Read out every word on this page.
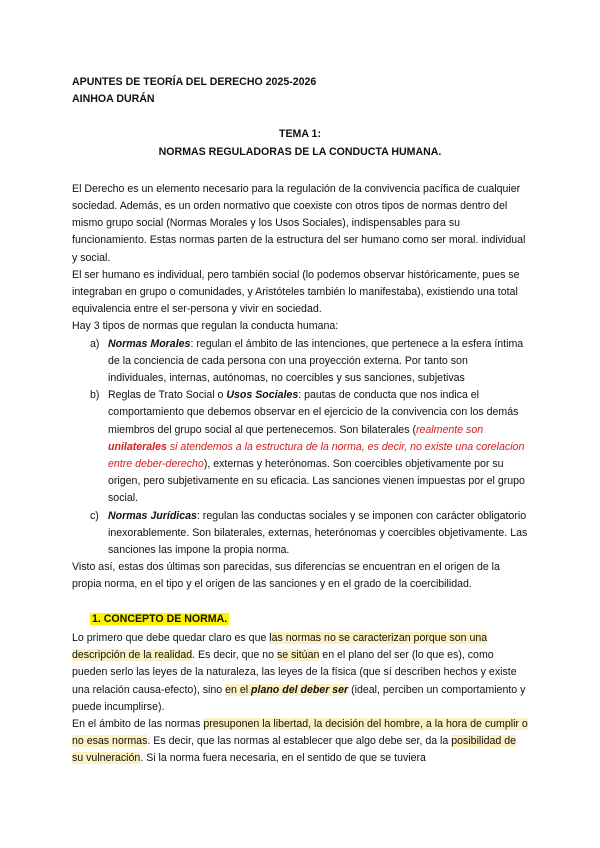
APUNTES DE TEORÍA DEL DERECHO 2025-2026

AINHOA DURÁN

TEMA 1:

NORMAS REGULADORAS DE LA CONDUCTA HUMANA.

El Derecho es un elemento necesario para la regulación de la convivencia pacífica de cualquier sociedad. Además, es un orden normativo que coexiste con otros tipos de normas dentro del mismo grupo social (Normas Morales y los Usos Sociales), indispensables para su funcionamiento. Estas normas parten de la estructura del ser humano como ser moral. individual y social.

El ser humano es individual, pero también social (lo podemos observar históricamente, pues se integraban en grupo o comunidades, y Aristóteles también lo manifestaba), existiendo una total equivalencia entre el ser-persona y vivir en sociedad.

Hay 3 tipos de normas que regulan la conducta humana:

a) Normas Morales: regulan el ámbito de las intenciones, que pertenece a la esfera íntima de la conciencia de cada persona con una proyección externa. Por tanto son individuales, internas, autónomas, no coercibles y sus sanciones, subjetivas
b) Reglas de Trato Social o Usos Sociales: pautas de conducta que nos indica el comportamiento que debemos observar en el ejercicio de la convivencia con los demás miembros del grupo social al que pertenecemos. Son bilaterales (realmente son unilaterales si atendemos a la estructura de la norma, es decir, no existe una corelacion entre deber-derecho), externas y heterónomas. Son coercibles objetivamente por su origen, pero subjetivamente en su eficacia. Las sanciones vienen impuestas por el grupo social.
c) Normas Jurídicas: regulan las conductas sociales y se imponen con carácter obligatorio inexorablemente. Son bilaterales, externas, heterónomas y coercibles objetivamente. Las sanciones las impone la propia norma.

Visto así, estas dos últimas son parecidas, sus diferencias se encuentran en el origen de la propia norma, en el tipo y el origen de las sanciones y en el grado de la coercibilidad.

1. CONCEPTO DE NORMA.

Lo primero que debe quedar claro es que las normas no se caracterizan porque son una descripción de la realidad. Es decir, que no se sitúan en el plano del ser (lo que es), como pueden serlo las leyes de la naturaleza, las leyes de la física (que sí describen hechos y existe una relación causa-efecto), sino en el plano del deber ser (ideal, perciben un comportamiento y puede incumplirse).

En el ámbito de las normas presuponen la libertad, la decisión del hombre, a la hora de cumplir o no esas normas. Es decir, que las normas al establecer que algo debe ser, da la posibilidad de su vulneración. Si la norma fuera necesaria, en el sentido de que se tuviera
